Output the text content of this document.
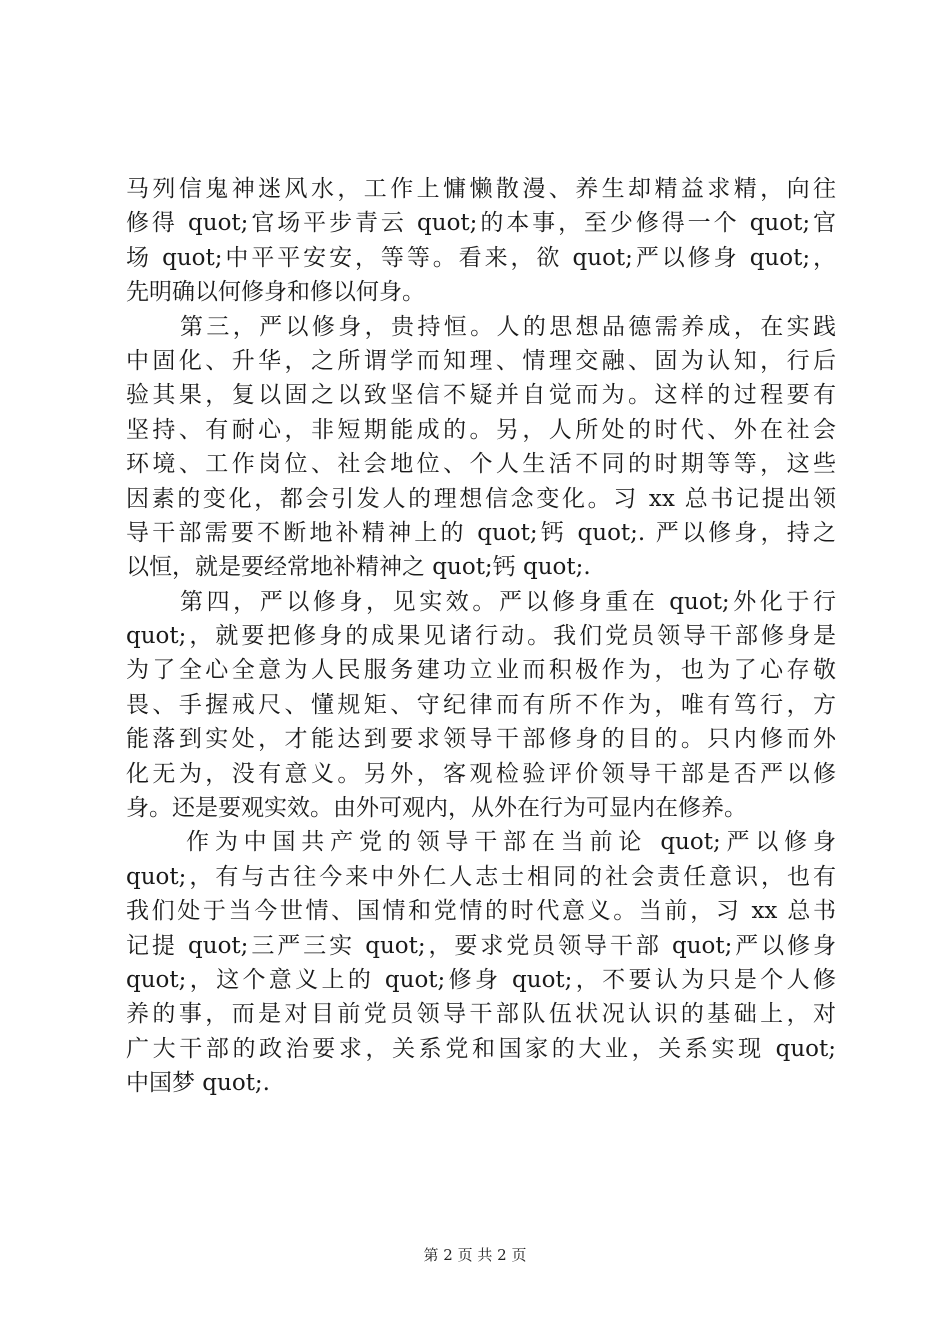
马列信鬼神迷风水，工作上慵懒散漫、养生却精益求精，向往
修得 quot;官场平步青云 quot;的本事，至少修得一个 quot;官
场 quot;中平平安安，等等。看来，欲 quot;严以修身 quot;，
先明确以何修身和修以何身。
第三，严以修身，贵持恒。人的思想品德需养成，在实践
中固化、升华，之所谓学而知理、情理交融、固为认知，行后
验其果，复以固之以致坚信不疑并自觉而为。这样的过程要有
坚持、有耐心，非短期能成的。另，人所处的时代、外在社会
环境、工作岗位、社会地位、个人生活不同的时期等等，这些
因素的变化，都会引发人的理想信念变化。习 xx 总书记提出领
导干部需要不断地补精神上的 quot;钙 quot;. 严以修身，持之
以恒，就是要经常地补精神之 quot;钙 quot;.
第四，严以修身，见实效。严以修身重在 quot;外化于行
quot;，就要把修身的成果见诸行动。我们党员领导干部修身是
为了全心全意为人民服务建功立业而积极作为，也为了心存敬
畏、手握戒尺、懂规矩、守纪律而有所不作为，唯有笃行，方
能落到实处，才能达到要求领导干部修身的目的。只内修而外
化无为，没有意义。另外，客观检验评价领导干部是否严以修
身。还是要观实效。由外可观内，从外在行为可显内在修养。
作为中国共产党的领导干部在当前论 quot;严以修身
quot;，有与古往今来中外仁人志士相同的社会责任意识，也有
我们处于当今世情、国情和党情的时代意义。当前，习 xx 总书
记提 quot;三严三实 quot;，要求党员领导干部 quot;严以修身
quot;，这个意义上的 quot;修身 quot;，不要认为只是个人修
养的事，而是对目前党员领导干部队伍状况认识的基础上，对
广大干部的政治要求，关系党和国家的大业，关系实现 quot;
中国梦 quot;.
第 2 页 共 2 页
